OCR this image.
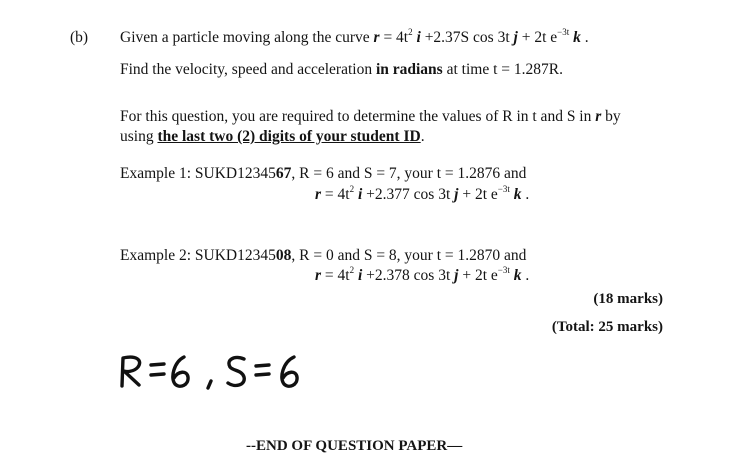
(b) Given a particle moving along the curve $r = 4t^2$ i +2.37S cos 3t j + 2t $e^{-3t}$ k .
Find the velocity, speed and acceleration in radians at time t = 1.287R.
For this question, you are required to determine the values of R in t and S in r by
using the last two (2) digits of your student ID.
Example 1: SUKD1234567, R = 6 and S = 7, your t = 1.2876 and
$r = 4t^2$ i +2.377 cos 3t j + 2t $e^{-3t}$ k .
Example 2: SUKD1234508, R = 0 and S = 8, your t = 1.2870 and
$r = 4t^2$ i +2.378 cos 3t j + 2t $e^{-3t}$ k .
(18 marks)
(Total: 25 marks)
--END OF QUESTION PAPER—
